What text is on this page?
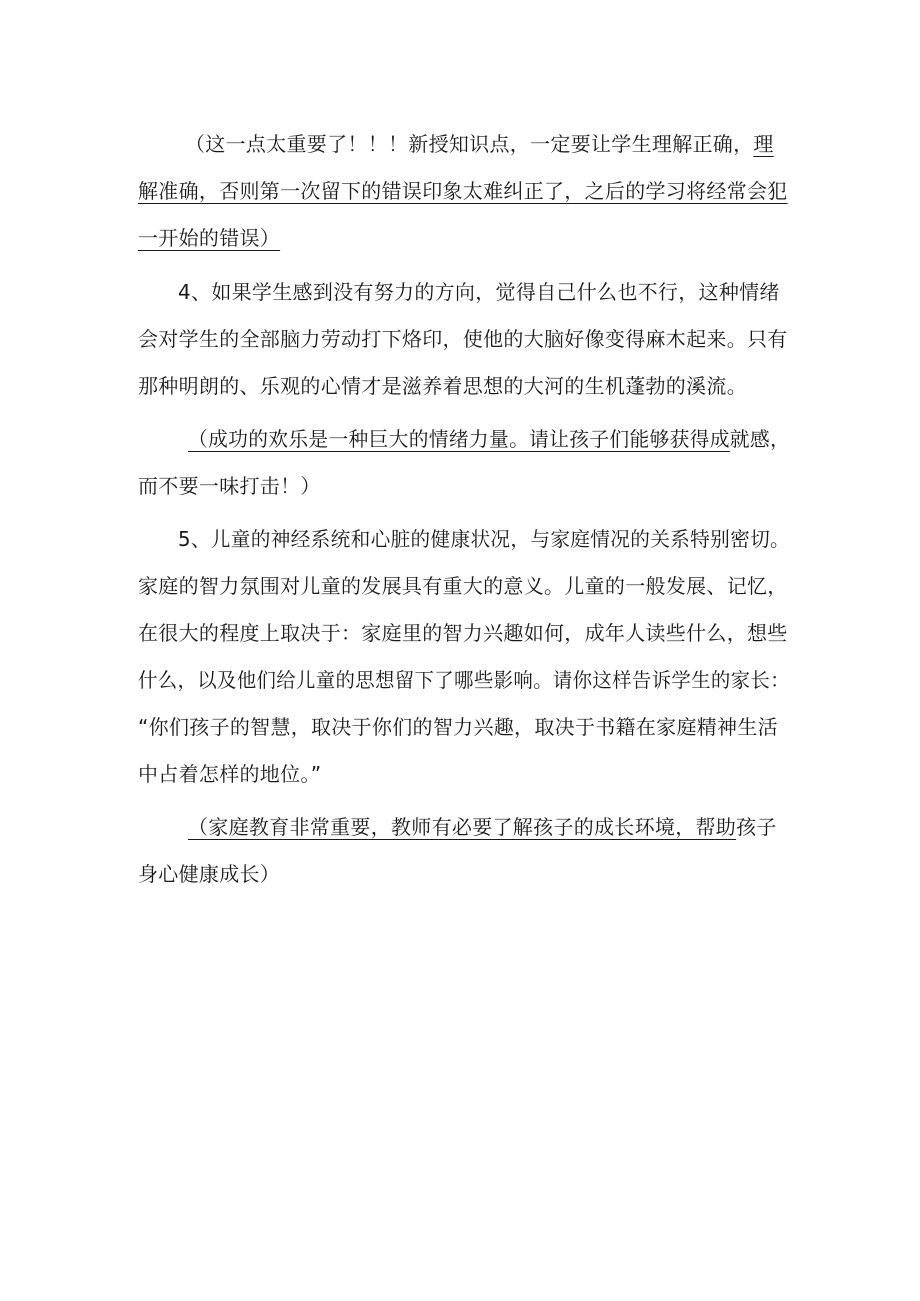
（这一点太重要了！！！新授知识点，一定要让学生理解正确，理
解准确，否则第一次留下的错误印象太难纠正了，之后的学习将经常会犯
一开始的错误）
4、如果学生感到没有努力的方向，觉得自己什么也不行，这种情绪
会对学生的全部脑力劳动打下烙印，使他的大脑好像变得麻木起来。只有
那种明朗的、乐观的心情才是滋养着思想的大河的生机蓬勃的溪流。
（成功的欢乐是一种巨大的情绪力量。请让孩子们能够获得成就感，
而不要一味打击！）
5、儿童的神经系统和心脏的健康状况，与家庭情况的关系特别密切。
家庭的智力氛围对儿童的发展具有重大的意义。儿童的一般发展、记忆，
在很大的程度上取决于：家庭里的智力兴趣如何，成年人读些什么，想些
什么，以及他们给儿童的思想留下了哪些影响。请你这样告诉学生的家长：
“你们孩子的智慧，取决于你们的智力兴趣，取决于书籍在家庭精神生活
中占着怎样的地位。”
（家庭教育非常重要，教师有必要了解孩子的成长环境，帮助孩子
身心健康成长）
